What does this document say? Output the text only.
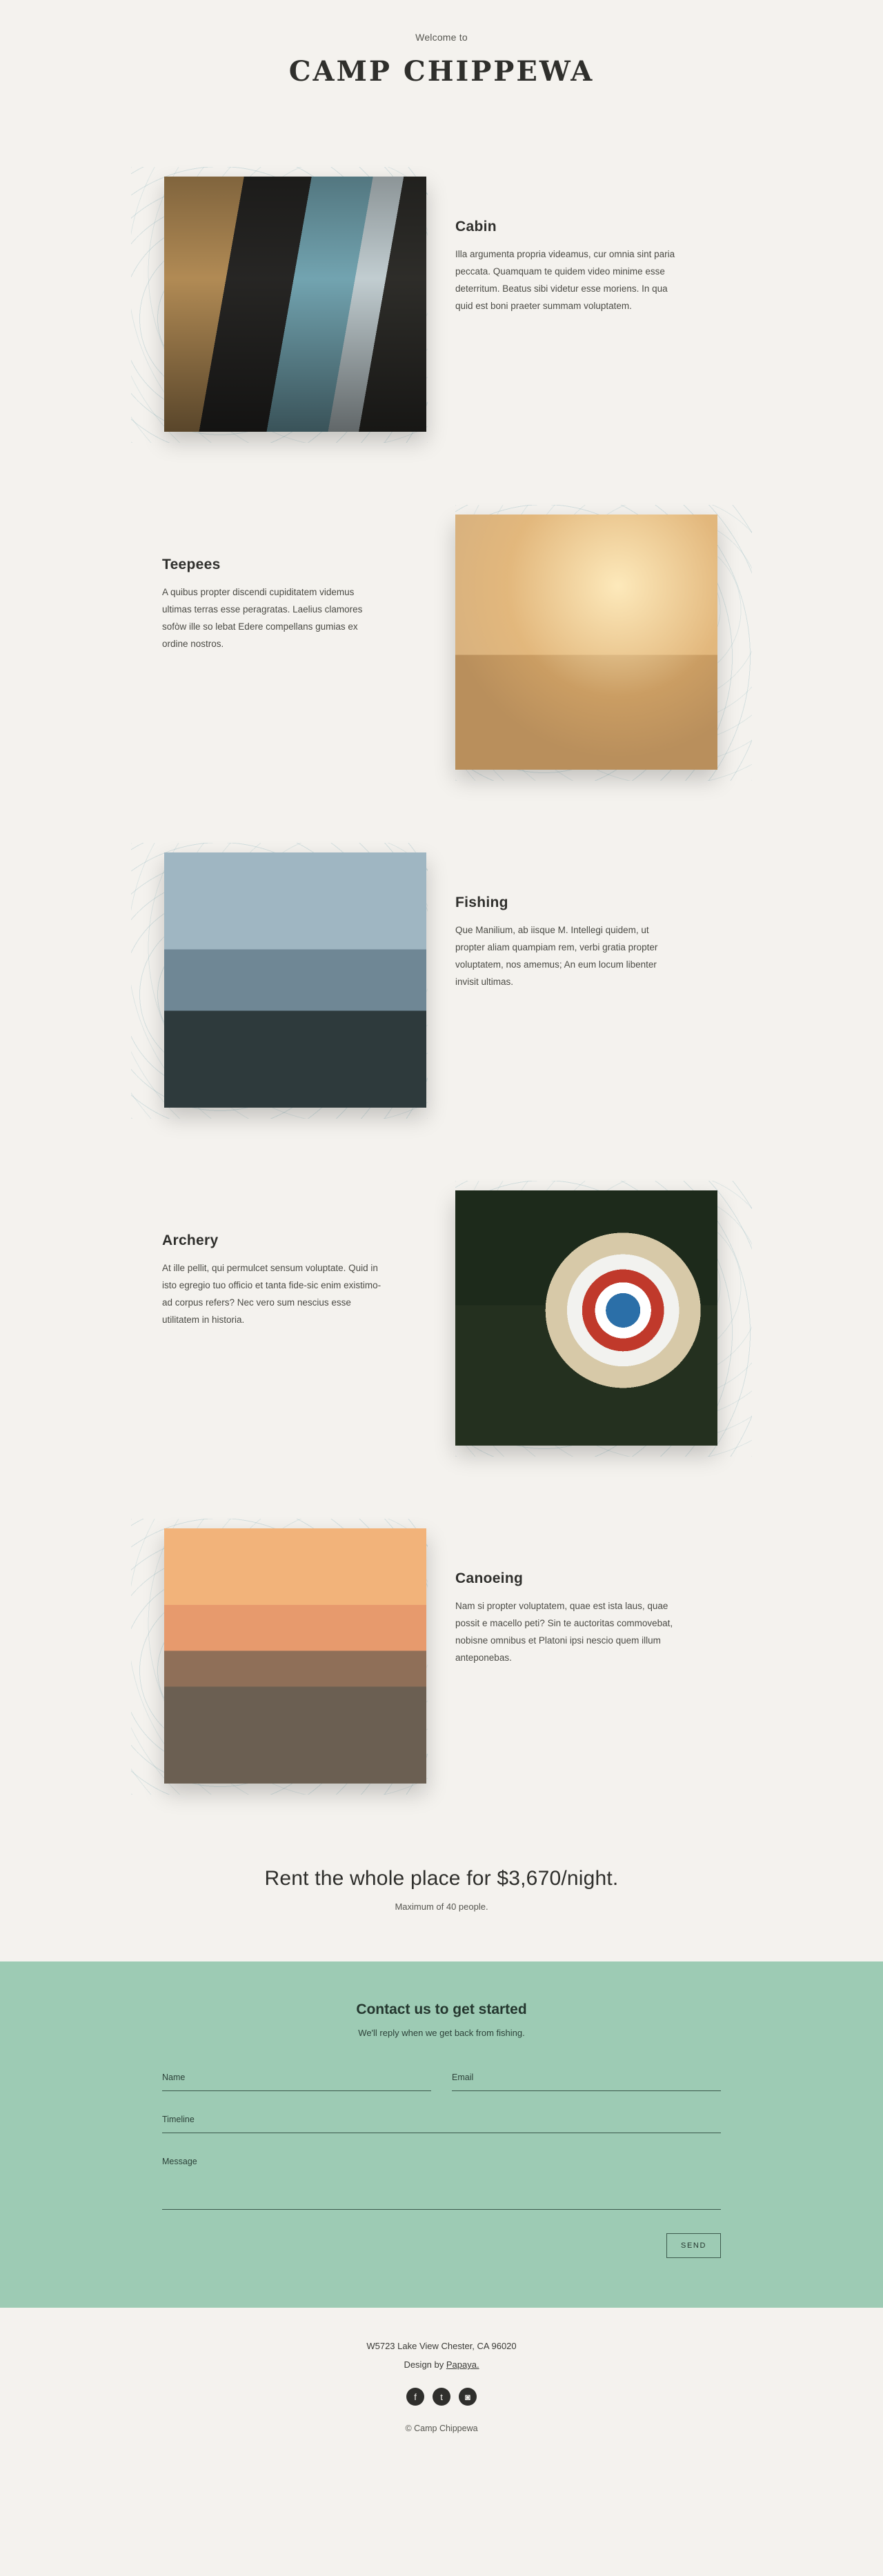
Welcome to
CAMP CHIPPEWA
Cabin

Illa argumenta propria videamus, cur omnia sint paria peccata. Quamquam te quidem video minime esse deterritum. Beatus sibi videtur esse moriens. In qua quid est boni praeter summam voluptatem.

Teepees

A quibus propter discendi cupiditatem videmus ultimas terras esse peragratas. Laelius clamores sofòw ille so lebat Edere compellans gumias ex ordine nostros.

Fishing

Que Manilium, ab iisque M. Intellegi quidem, ut propter aliam quampiam rem, verbi gratia propter voluptatem, nos amemus; An eum locum libenter invisit ultimas.

Archery

At ille pellit, qui permulcet sensum voluptate. Quid in isto egregio tuo officio et tanta fide-sic enim existimo-ad corpus refers? Nec vero sum nescius esse utilitatem in historia.

Canoeing

Nam si propter voluptatem, quae est ista laus, quae possit e macello peti? Sin te auctoritas commovebat, nobisne omnibus et Platoni ipsi nescio quem illum anteponebas.

Rent the whole place for $3,670/night.
Maximum of 40 people.
Contact us to get started
We'll reply when we get back from fishing.
Name	Email
Timeline
Message
SEND
W5723 Lake View Chester, CA 96020
Design by Papaya.
f	t	◙
© Camp Chippewa
